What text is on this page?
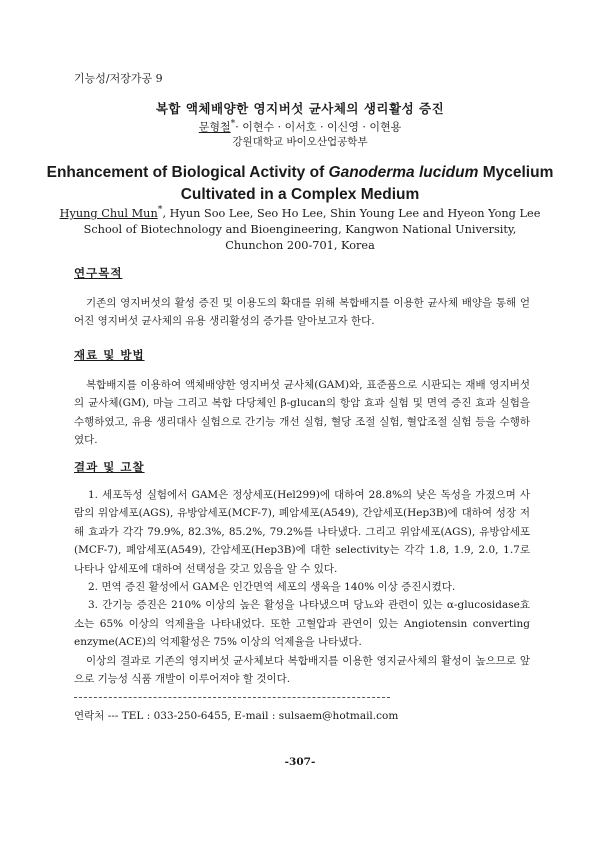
기능성/저장가공 9
복합 액체배양한 영지버섯 균사체의 생리활성 증진
문형철*· 이현수 · 이서호 · 이신영 · 이현용
강원대학교 바이오산업공학부
Enhancement of Biological Activity of Ganoderma lucidum Mycelium
Cultivated in a Complex Medium
Hyung Chul Mun*, Hyun Soo Lee, Seo Ho Lee, Shin Young Lee and Hyeon Yong Lee
School of Biotechnology and Bioengineering, Kangwon National University, Chunchon 200-701, Korea
연구목적

기존의 영지버섯의 활성 증진 및 이용도의 확대를 위해 복합배지를 이용한 균사체 배양을 통해 얻어진 영지버섯 균사체의 유용 생리활성의 증가를 알아보고자 한다.

재료 및 방법

복합배지를 이용하여 액체배양한 영지버섯 균사체(GAM)와, 표준품으로 시판되는 재배 영지버섯의 균사체(GM), 마늘 그리고 복합 다당체인 β-glucan의 항암 효과 실험 및 면역 증진 효과 실험을 수행하였고, 유용 생리대사 실험으로 간기능 개선 실험, 혈당 조절 실험, 혈압조절 실험 등을 수행하였다.

결과 및 고찰

1. 세포독성 실험에서 GAM은 정상세포(Hel299)에 대하여 28.8%의 낮은 독성을 가졌으며 사람의 위암세포(AGS), 유방암세포(MCF-7), 폐암세포(A549), 간암세포(Hep3B)에 대하여 성장 저해 효과가 각각 79.9%, 82.3%, 85.2%, 79.2%를 나타냈다. 그리고 위암세포(AGS), 유방암세포(MCF-7), 폐암세포(A549), 간암세포(Hep3B)에 대한 selectivity는 각각 1.8, 1.9, 2.0, 1.7로 나타나 암세포에 대하여 선택성을 갖고 있음을 알 수 있다.

2. 면역 증진 활성에서 GAM은 인간면역 세포의 생육을 140% 이상 증진시켰다.

3. 간기능 증진은 210% 이상의 높은 활성을 나타냈으며 당뇨와 관련이 있는 α-glucosidase효소는 65% 이상의 억제율을 나타내었다. 또한 고혈압과 관연이 있는 Angiotensin converting enzyme(ACE)의 억제활성은 75% 이상의 억제율을 나타냈다.

이상의 결과로 기존의 영지버섯 균사체보다 복합배지를 이용한 영지균사체의 활성이 높으므로 앞으로 기능성 식품 개발이 이루어져야 할 것이다.

연락처 --- TEL : 033-250-6455, E-mail : sulsaem@hotmail.com
-307-
